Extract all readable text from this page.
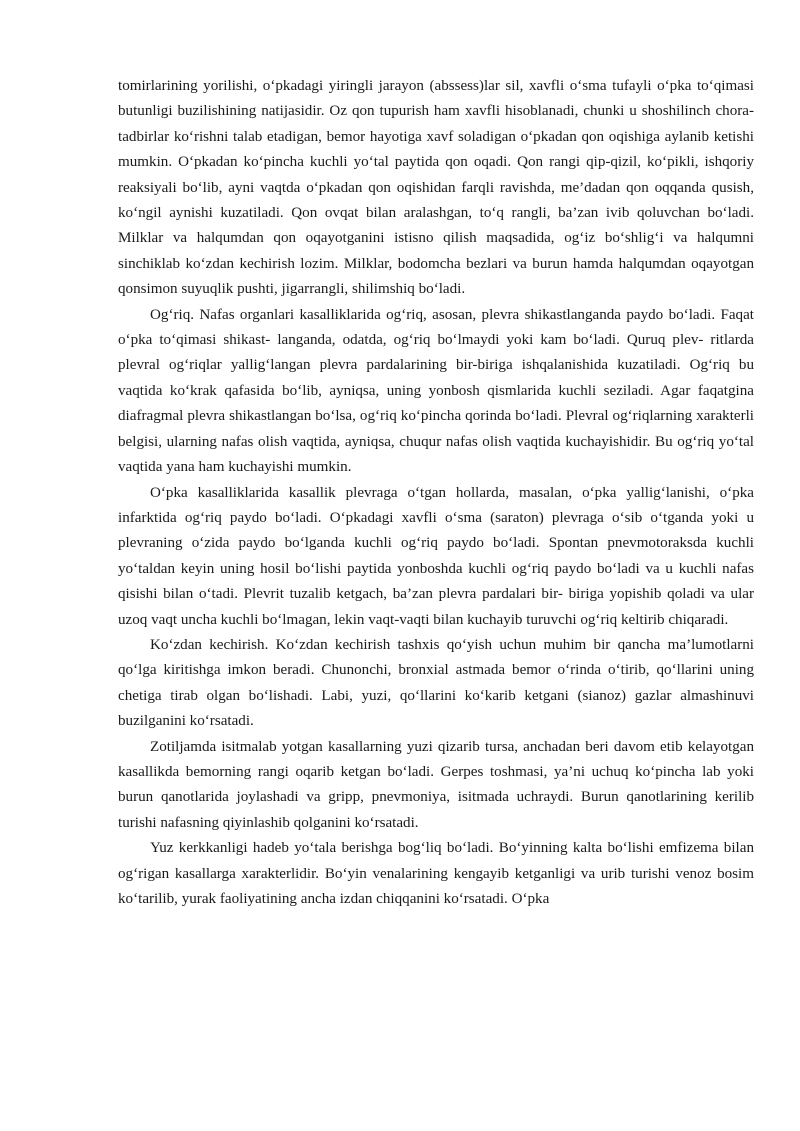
tomirlarining yorilishi, o‘pkadagi yiringli jarayon (abssess)lar sil, xavfli o‘sma tufayli o‘pka to‘qimasi butunligi buzilishining natijasidir. Oz qon tupurish ham xavfli hisoblanadi, chunki u shoshilinch chora- tadbirlar ko‘rishni talab etadigan, bemor hayotiga xavf soladigan o‘pkadan qon oqishiga aylanib ketishi mumkin. O‘pkadan ko‘pincha kuchli yo‘tal paytida qon oqadi. Qon rangi qip-qizil, ko‘pikli, ishqoriy reaksiyali bo‘lib, ayni vaqtda o‘pkadan qon oqishidan farqli ravishda, me’dadan qon oqqanda qusish, ko‘ngil aynishi kuzatiladi. Qon ovqat bilan aralashgan, to‘q rangli, ba’zan ivib qoluvchan bo‘ladi. Milklar va halqumdan qon oqayotganini istisno qilish maqsadida, og‘iz bo‘shlig‘i va halqumni sinchiklab ko‘zdan kechirish lozim. Milklar, bodomcha bezlari va burun hamda halqumdan oqayotgan qonsimon suyuqlik pushti, jigarrangli, shilimshiq bo‘ladi.

Og‘riq. Nafas organlari kasalliklarida og‘riq, asosan, plevra shikastlanganda paydo bo‘ladi. Faqat o‘pka to‘qimasi shikast- langanda, odatda, og‘riq bo‘lmaydi yoki kam bo‘ladi. Quruq plev- ritlarda plevral og‘riqlar yallig‘langan plevra pardalarining bir-biriga ishqalanishida kuzatiladi. Og‘riq bu vaqtida ko‘krak qafasida bo‘lib, ayniqsa, uning yonbosh qismlarida kuchli seziladi. Agar faqatgina diafragmal plevra shikastlangan bo‘lsa, og‘riq ko‘pincha qorinda bo‘ladi. Plevral og‘riqlarning xarakterli belgisi, ularning nafas olish vaqtida, ayniqsa, chuqur nafas olish vaqtida kuchayishidir. Bu og‘riq yo‘tal vaqtida yana ham kuchayishi mumkin.

O‘pka kasalliklarida kasallik plevraga o‘tgan hollarda, masalan, o‘pka yallig‘lanishi, o‘pka infarktida og‘riq paydo bo‘ladi. O‘pkadagi xavfli o‘sma (saraton) plevraga o‘sib o‘tganda yoki u plevraning o‘zida paydo bo‘lganda kuchli og‘riq paydo bo‘ladi. Spontan pnevmotoraksda kuchli yo‘taldan keyin uning hosil bo‘lishi paytida yonboshda kuchli og‘riq paydo bo‘ladi va u kuchli nafas qisishi bilan o‘tadi. Plevrit tuzalib ketgach, ba’zan plevra pardalari bir- biriga yopishib qoladi va ular uzoq vaqt uncha kuchli bo‘lmagan, lekin vaqt-vaqti bilan kuchayib turuvchi og‘riq keltirib chiqaradi.

Ko‘zdan kechirish. Ko‘zdan kechirish tashxis qo‘yish uchun muhim bir qancha ma’lumotlarni qo‘lga kiritishga imkon beradi. Chunonchi, bronxial astmada bemor o‘rinda o‘tirib, qo‘llarini uning chetiga tirab olgan bo‘lishadi. Labi, yuzi, qo‘llarini ko‘karib ketgani (sianoz) gazlar almashinuvi buzilganini ko‘rsatadi.

Zotiljamda isitmalab yotgan kasallarning yuzi qizarib tursa, anchadan beri davom etib kelayotgan kasallikda bemorning rangi oqarib ketgan bo‘ladi. Gerpes toshmasi, ya’ni uchuq ko‘pincha lab yoki burun qanotlarida joylashadi va gripp, pnevmoniya, isitmada uchraydi. Burun qanotlarining kerilib turishi nafasning qiyinlashib qolganini ko‘rsatadi.

Yuz kerkkanligi hadeb yo‘tala berishga bog‘liq bo‘ladi. Bo‘yinning kalta bo‘lishi emfizema bilan og‘rigan kasallarga xarakterlidir. Bo‘yin venalarining kengayib ketganligi va urib turishi venoz bosim ko‘tarilib, yurak faoliyatining ancha izdan chiqqanini ko‘rsatadi. O‘pka
